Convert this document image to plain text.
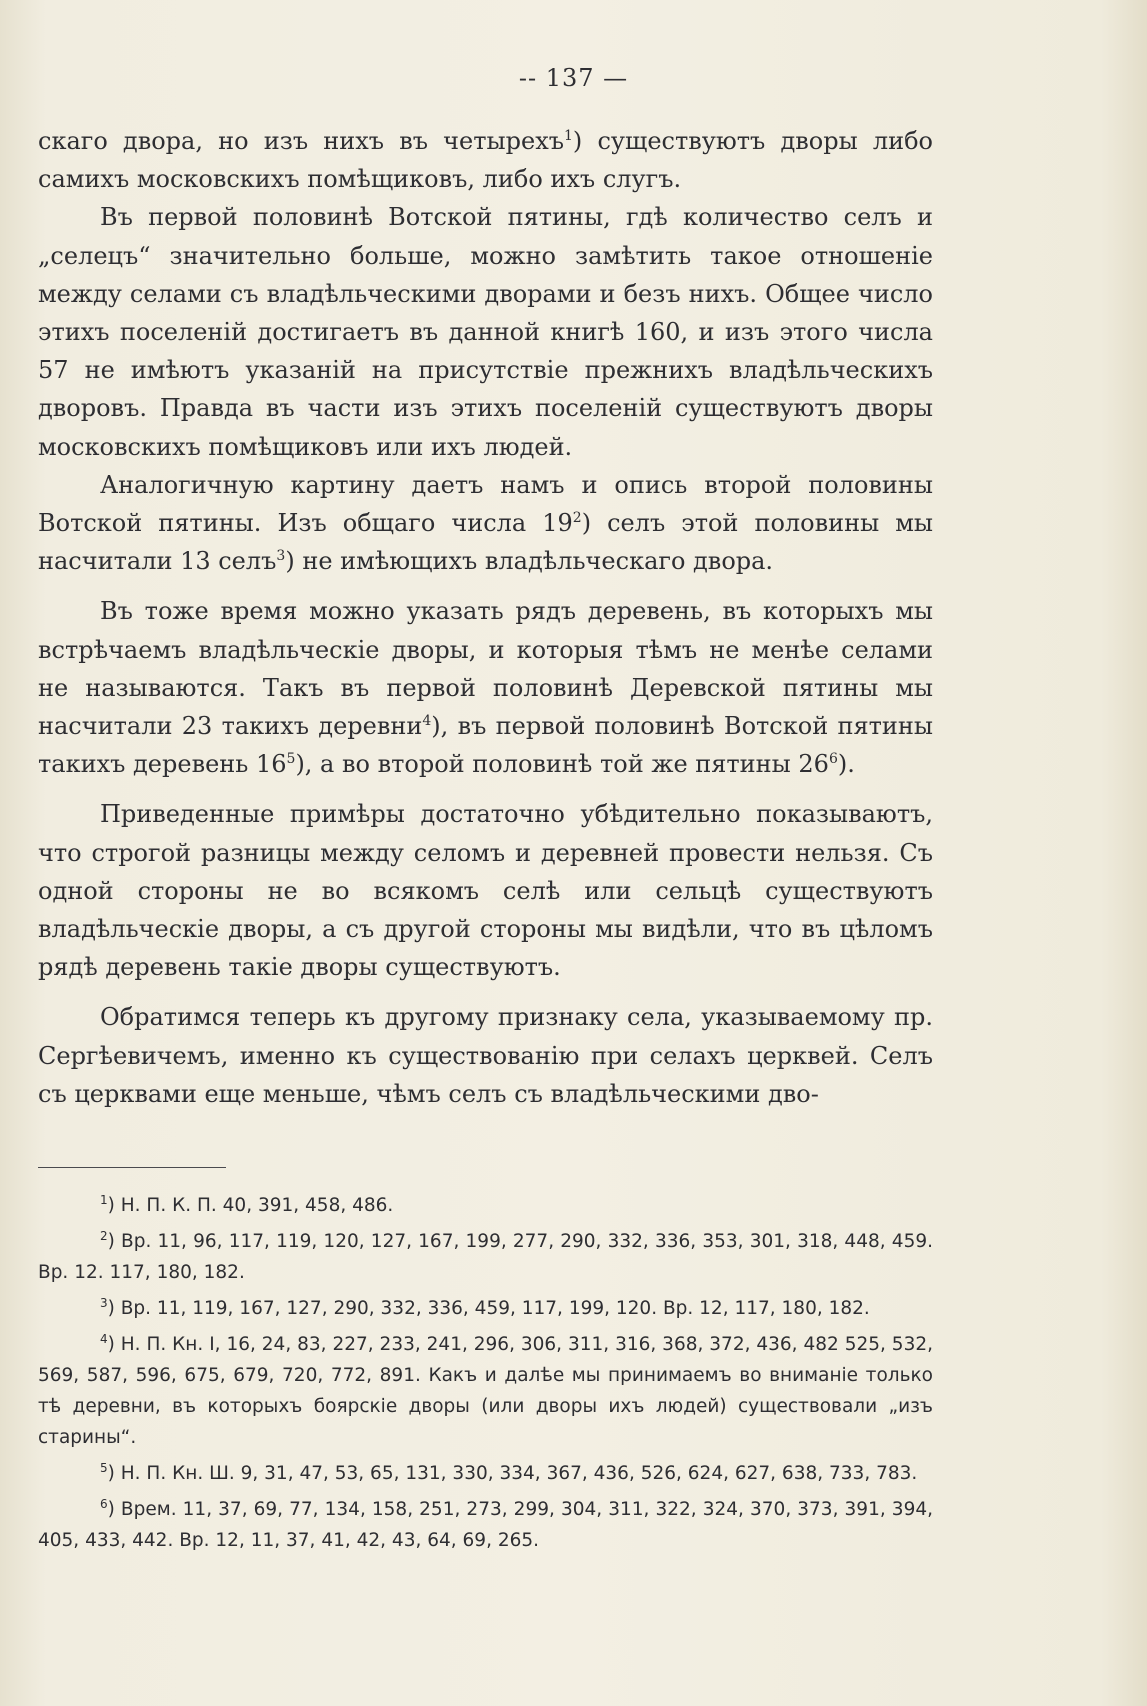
-- 137 —

скаго двора, но изъ нихъ въ четырехъ$^1$) существуютъ дворы либо самихъ московскихъ помѣщиковъ, либо ихъ слугъ.

Въ первой половинѣ Вотской пятины, гдѣ количество селъ и „селецъ“ значительно больше, можно замѣтить такое отношеніе между селами съ владѣльческими дворами и безъ нихъ. Общее число этихъ поселеній достигаетъ въ данной книгѣ 160, и изъ этого числа 57 не имѣютъ указаній на присутствіе прежнихъ владѣльческихъ дворовъ. Правда въ части изъ этихъ поселеній существуютъ дворы московскихъ помѣщиковъ или ихъ людей.

Аналогичную картину даетъ намъ и опись второй половины Вотской пятины. Изъ общаго числа $19^2$) селъ этой половины мы насчитали 13 селъ$^3$) не имѣющихъ владѣльческаго двора.

Въ тоже время можно указать рядъ деревень, въ которыхъ мы встрѣчаемъ владѣльческіе дворы, и которыя тѣмъ не менѣе селами не называются. Такъ въ первой половинѣ Деревской пятины мы насчитали 23 такихъ деревни$^4$), въ первой половинѣ Вотской пятины такихъ деревень $16^5$), а во второй половинѣ той же пятины $26^6$).

Приведенные примѣры достаточно убѣдительно показываютъ, что строгой разницы между селомъ и деревней провести нельзя. Съ одной стороны не во всякомъ селѣ или сельцѣ существуютъ владѣльческіе дворы, а съ другой стороны мы видѣли, что въ цѣломъ рядѣ деревень такіе дворы существуютъ.

Обратимся теперь къ другому признаку села, указываемому пр. Сергѣевичемъ, именно къ существованію при селахъ церквей. Селъ съ церквами еще меньше, чѣмъ селъ съ владѣльческими дво-

$^1$) Н. П. К. П. 40, 391, 458, 486.

$^2$) Вр. 11, 96, 117, 119, 120, 127, 167, 199, 277, 290, 332, 336, 353, 301, 318, 448, 459. Вр. 12. 117, 180, 182.

$^3$) Вр. 11, 119, 167, 127, 290, 332, 336, 459, 117, 199, 120. Вр. 12, 117, 180, 182.

$^4$) Н. П. Кн. І, 16, 24, 83, 227, 233, 241, 296, 306, 311, 316, 368, 372, 436, 482 525, 532, 569, 587, 596, 675, 679, 720, 772, 891. Какъ и далѣе мы принимаемъ во вниманіе только тѣ деревни, въ которыхъ боярскіе дворы (или дворы ихъ людей) существовали „изъ старины“.

$^5$) Н. П. Кн. Ш. 9, 31, 47, 53, 65, 131, 330, 334, 367, 436, 526, 624, 627, 638, 733, 783.

$^6$) Врем. 11, 37, 69, 77, 134, 158, 251, 273, 299, 304, 311, 322, 324, 370, 373, 391, 394, 405, 433, 442. Вр. 12, 11, 37, 41, 42, 43, 64, 69, 265.
